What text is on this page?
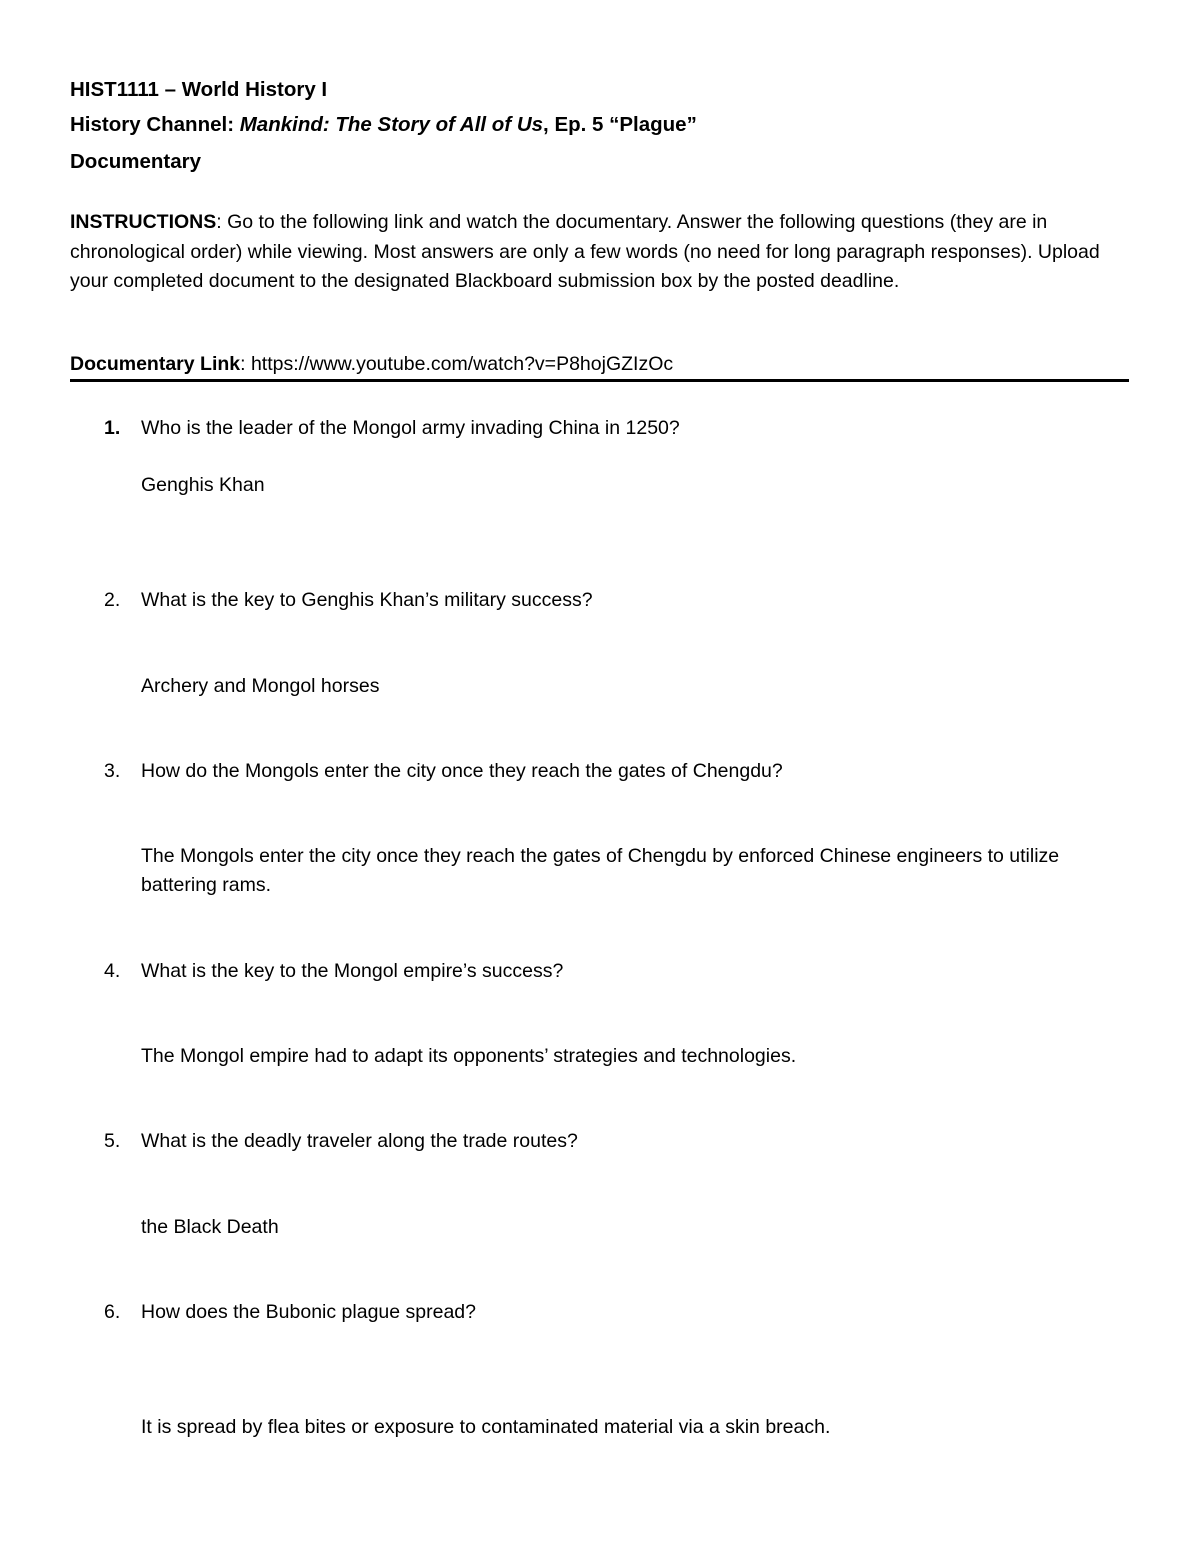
HIST1111 – World History I
History Channel: Mankind: The Story of All of Us, Ep. 5 “Plague”
Documentary
INSTRUCTIONS: Go to the following link and watch the documentary. Answer the following questions (they are in chronological order) while viewing. Most answers are only a few words (no need for long paragraph responses). Upload your completed document to the designated Blackboard submission box by the posted deadline.
Documentary Link: https://www.youtube.com/watch?v=P8hojGZIzOc
1.	Who is the leader of the Mongol army invading China in 1250?
Genghis Khan
2.	What is the key to Genghis Khan’s military success?
Archery and Mongol horses
3.	How do the Mongols enter the city once they reach the gates of Chengdu?
The Mongols enter the city once they reach the gates of Chengdu by enforced Chinese engineers to utilize battering rams.
4.	What is the key to the Mongol empire’s success?
The Mongol empire had to adapt its opponents’ strategies and technologies.
5.	What is the deadly traveler along the trade routes?
the Black Death
6.	How does the Bubonic plague spread?
It is spread by flea bites or exposure to contaminated material via a skin breach.
